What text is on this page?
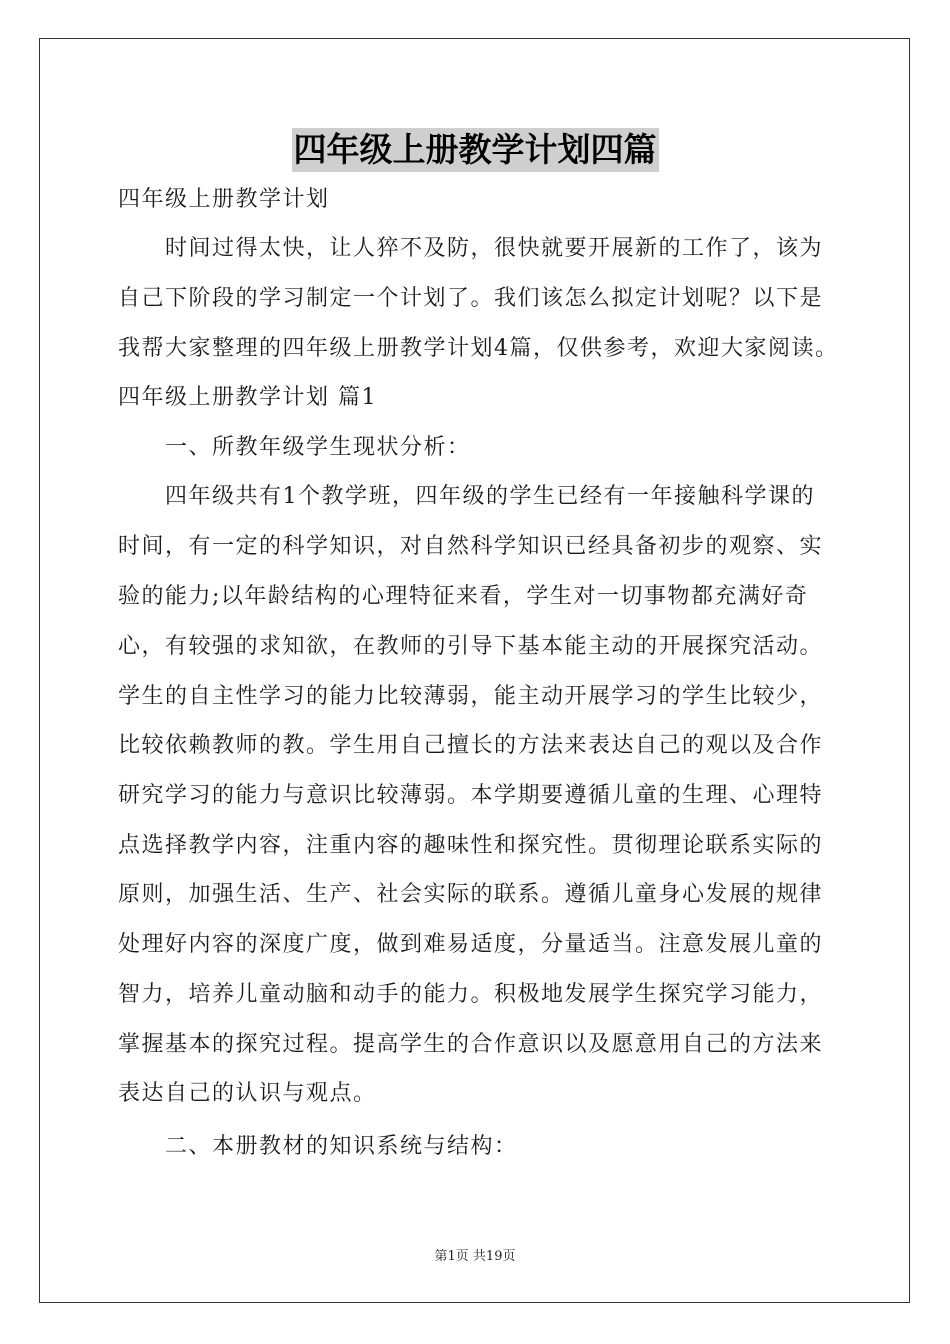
四年级上册教学计划四篇
四年级上册教学计划
时间过得太快，让人猝不及防，很快就要开展新的工作了，该为
自己下阶段的学习制定一个计划了。我们该怎么拟定计划呢？以下是
我帮大家整理的四年级上册教学计划4篇，仅供参考，欢迎大家阅读。
四年级上册教学计划 篇1
一、所教年级学生现状分析：
四年级共有1个教学班，四年级的学生已经有一年接触科学课的
时间，有一定的科学知识，对自然科学知识已经具备初步的观察、实
验的能力;以年龄结构的心理特征来看，学生对一切事物都充满好奇
心，有较强的求知欲，在教师的引导下基本能主动的开展探究活动。
学生的自主性学习的能力比较薄弱，能主动开展学习的学生比较少，
比较依赖教师的教。学生用自己擅长的方法来表达自己的观以及合作
研究学习的能力与意识比较薄弱。本学期要遵循儿童的生理、心理特
点选择教学内容，注重内容的趣味性和探究性。贯彻理论联系实际的
原则，加强生活、生产、社会实际的联系。遵循儿童身心发展的规律
处理好内容的深度广度，做到难易适度，分量适当。注意发展儿童的
智力，培养儿童动脑和动手的能力。积极地发展学生探究学习能力，
掌握基本的探究过程。提高学生的合作意识以及愿意用自己的方法来
表达自己的认识与观点。
二、本册教材的知识系统与结构：
第1页 共19页
